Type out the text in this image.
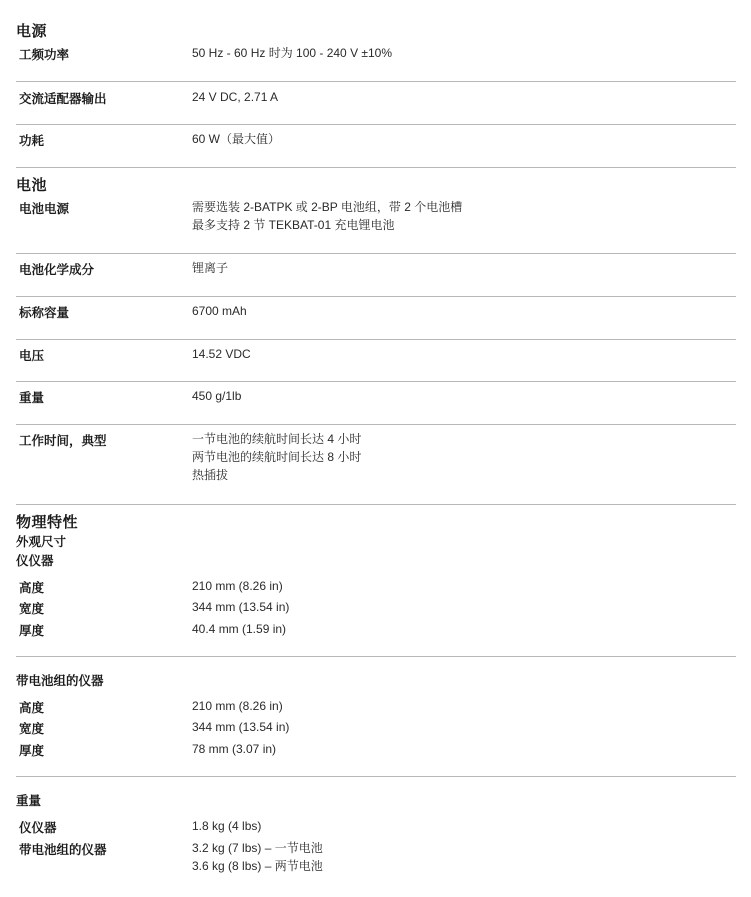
电源
工频功率	50 Hz - 60 Hz 时为 100 - 240 V ±10%
交流适配器输出	24 V DC, 2.71 A
功耗	60 W（最大值）
电池
电池电源	需要选装 2-BATPK 或 2-BP 电池组，带 2 个电池槽
最多支持 2 节 TEKBAT-01 充电锂电池
电池化学成分	锂离子
标称容量	6700 mAh
电压	14.52 VDC
重量	450 g/1lb
工作时间，典型	一节电池的续航时间长达 4 小时
两节电池的续航时间长达 8 小时
热插拔
物理特性
外观尺寸
仪仪器
高度	210 mm (8.26 in)
宽度	344 mm (13.54 in)
厚度	40.4 mm (1.59 in)
带电池组的仪器
高度	210 mm (8.26 in)
宽度	344 mm (13.54 in)
厚度	78 mm (3.07 in)
重量
仪仪器	1.8 kg (4 lbs)
带电池组的仪器	3.2 kg (7 lbs) – 一节电池
3.6 kg (8 lbs) – 两节电池
